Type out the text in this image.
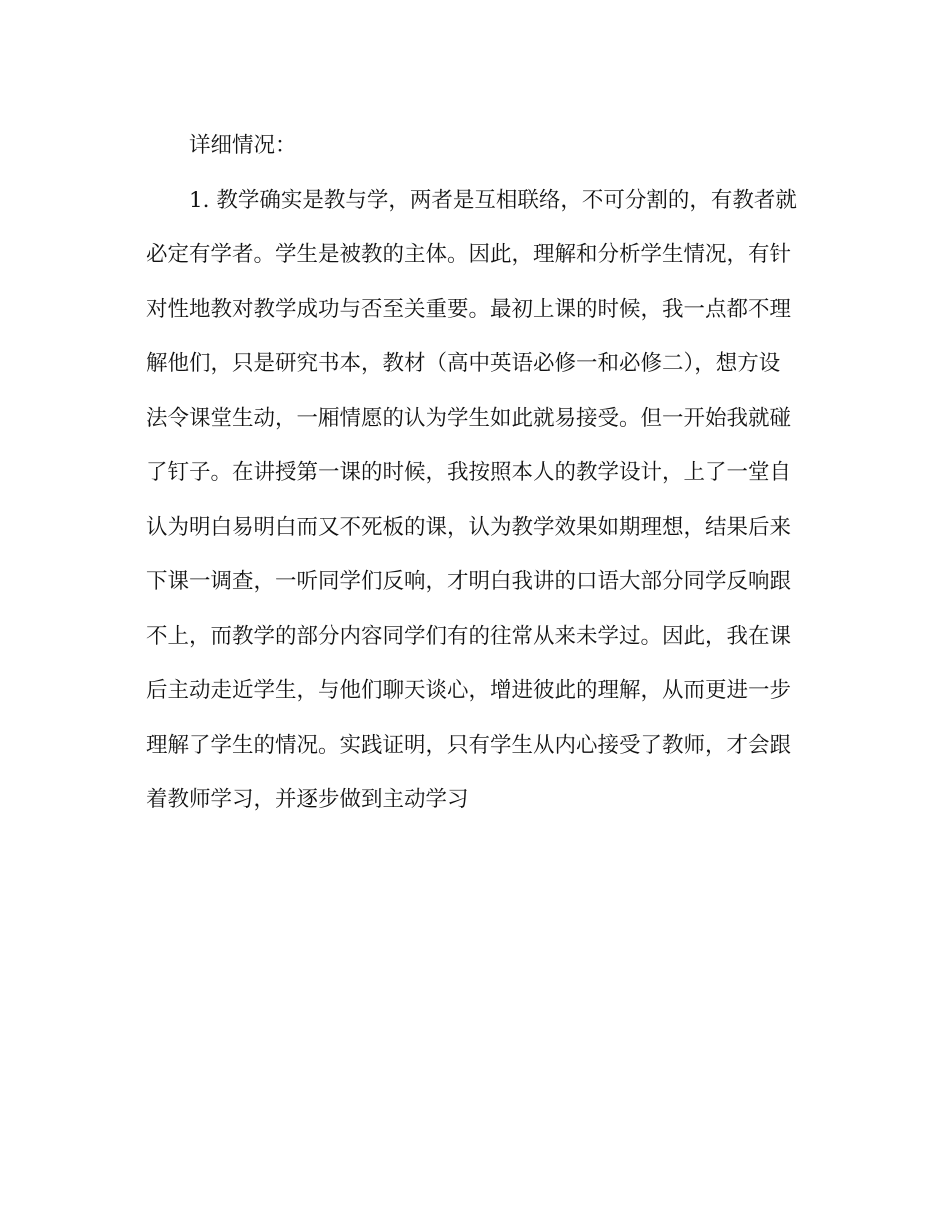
详细情况：
1. 教学确实是教与学，两者是互相联络，不可分割的，有教者就
必定有学者。学生是被教的主体。因此，理解和分析学生情况，有针
对性地教对教学成功与否至关重要。最初上课的时候，我一点都不理
解他们，只是研究书本，教材（高中英语必修一和必修二），想方设
法令课堂生动，一厢情愿的认为学生如此就易接受。但一开始我就碰
了钉子。在讲授第一课的时候，我按照本人的教学设计，上了一堂自
认为明白易明白而又不死板的课，认为教学效果如期理想，结果后来
下课一调查，一听同学们反响，才明白我讲的口语大部分同学反响跟
不上，而教学的部分内容同学们有的往常从来未学过。因此，我在课
后主动走近学生，与他们聊天谈心，增进彼此的理解，从而更进一步
理解了学生的情况。实践证明，只有学生从内心接受了教师，才会跟
着教师学习，并逐步做到主动学习
